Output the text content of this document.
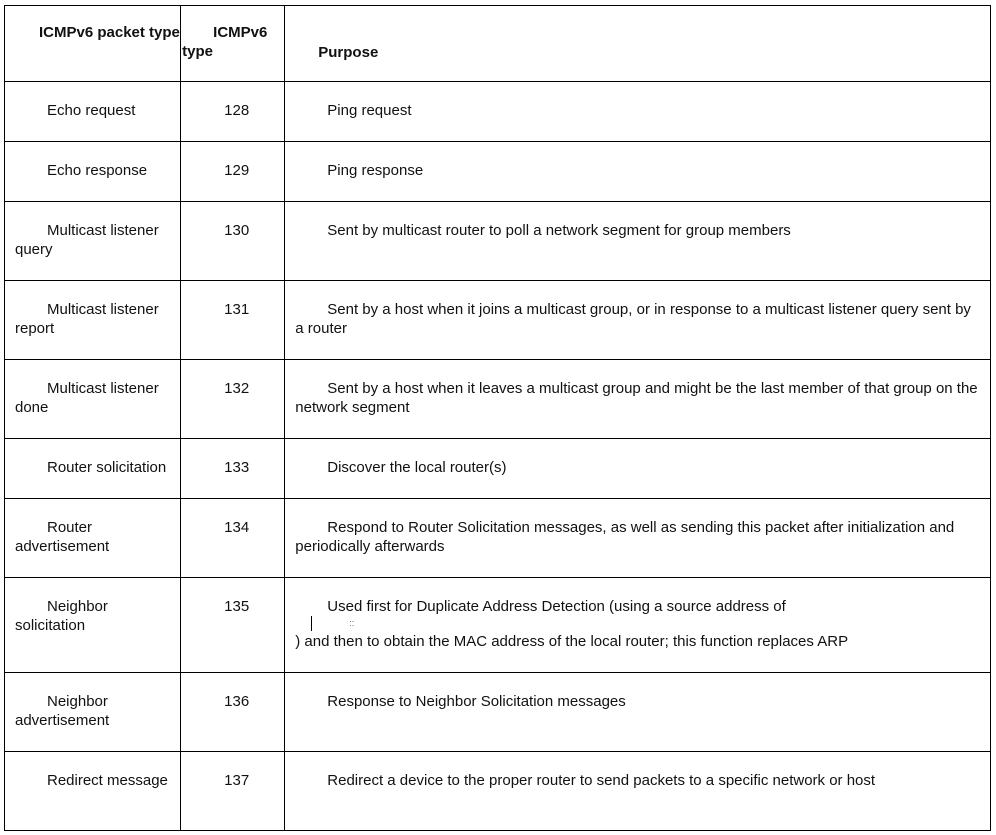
ICMPv6 packet type	ICMPv6 type	Purpose

Echo request	128	Ping request

Echo response	129	Ping response

Multicast listener query	130	Sent by multicast router to poll a network segment for group members

Multicast listener report	131	Sent by a host when it joins a multicast group, or in response to a multicast listener query sent by a router

Multicast listener done	132	Sent by a host when it leaves a multicast group and might be the last member of that group on the network segment

Router solicitation	133	Discover the local router(s)

Router advertisement	134	Respond to Router Solicitation messages, as well as sending this packet after initialization and periodically afterwards

Neighbor solicitation	135	Used first for Duplicate Address Detection (using a source address of
::
) and then to obtain the MAC address of the local router; this function replaces ARP

Neighbor advertisement	136	Response to Neighbor Solicitation messages

Redirect message	137	Redirect a device to the proper router to send packets to a specific network or host
